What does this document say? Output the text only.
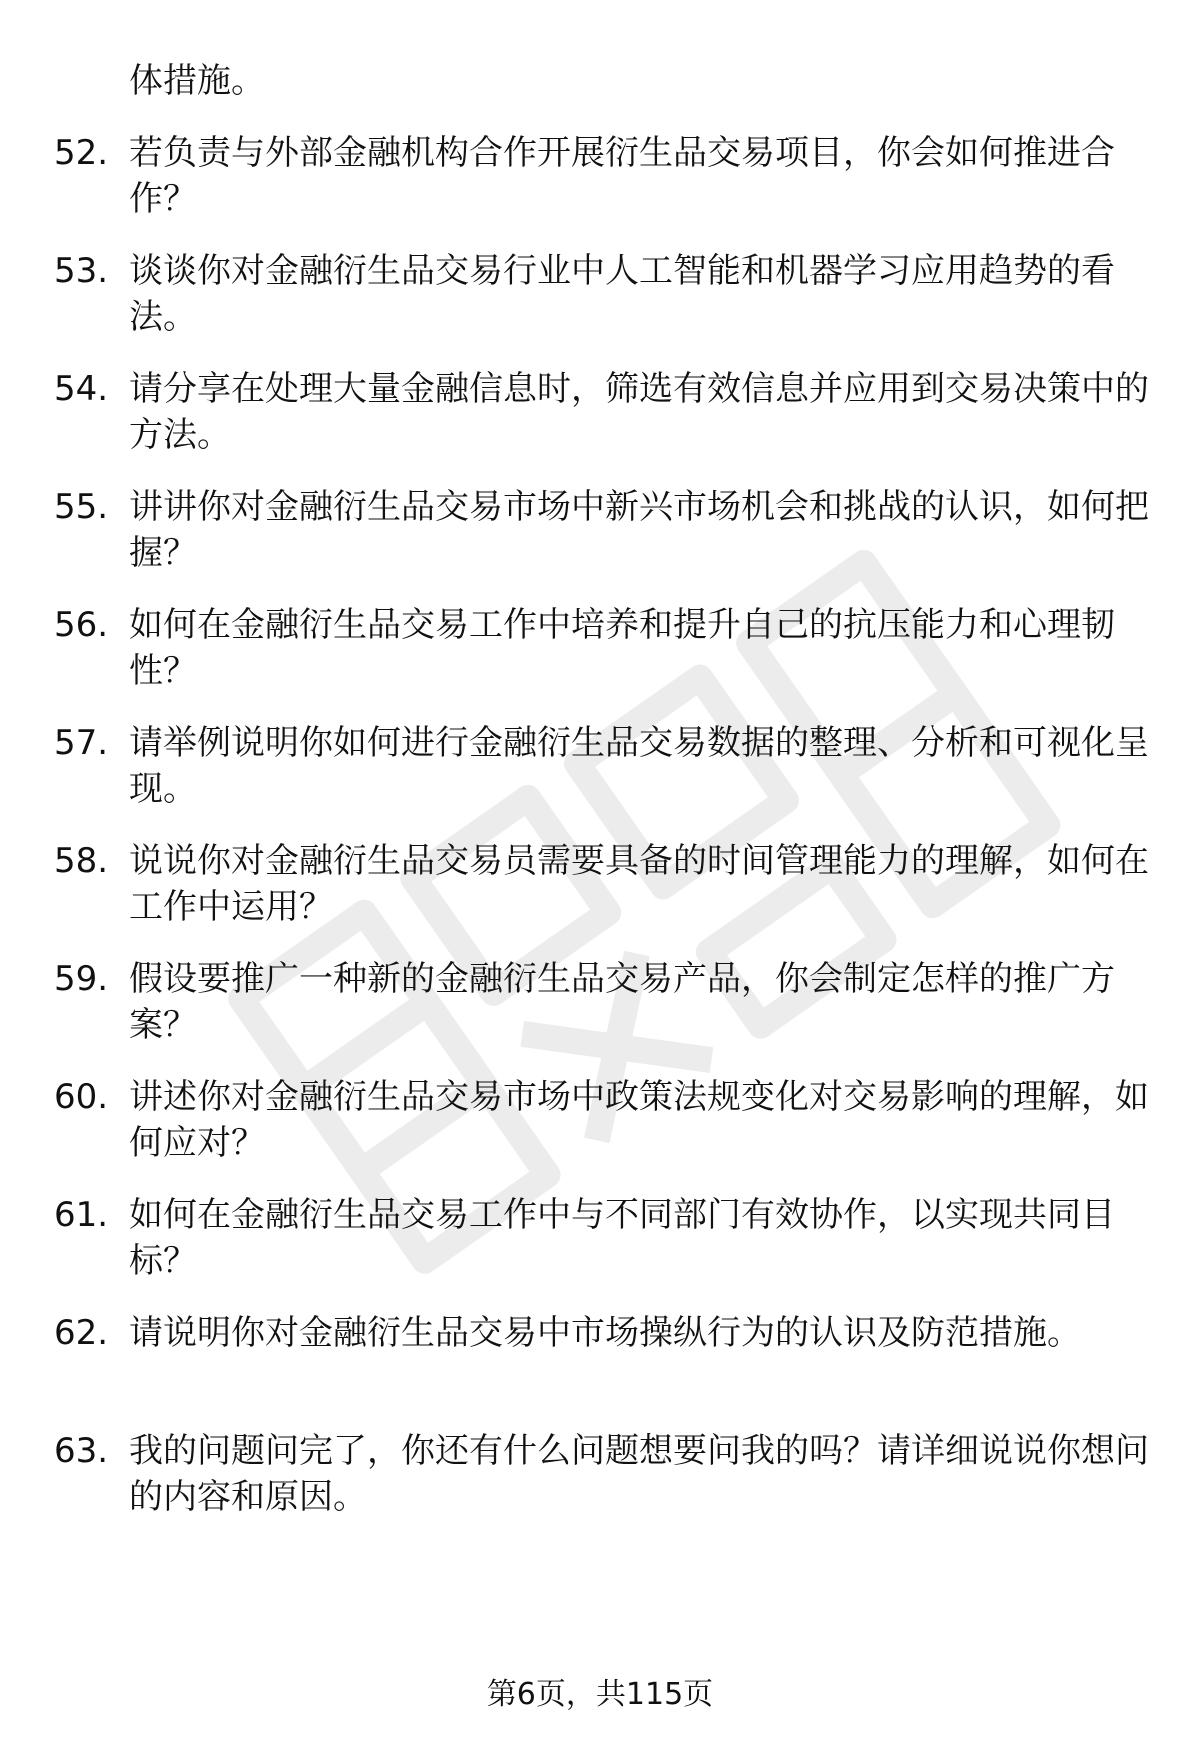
体措施。
52. 若负责与外部金融机构合作开展衍生品交易项目，你会如何推进合作？
53. 谈谈你对金融衍生品交易行业中人工智能和机器学习应用趋势的看法。
54. 请分享在处理大量金融信息时，筛选有效信息并应用到交易决策中的方法。
55. 讲讲你对金融衍生品交易市场中新兴市场机会和挑战的认识，如何把握？
56. 如何在金融衍生品交易工作中培养和提升自己的抗压能力和心理韧性？
57. 请举例说明你如何进行金融衍生品交易数据的整理、分析和可视化呈现。
58. 说说你对金融衍生品交易员需要具备的时间管理能力的理解，如何在工作中运用？
59. 假设要推广一种新的金融衍生品交易产品，你会制定怎样的推广方案？
60. 讲述你对金融衍生品交易市场中政策法规变化对交易影响的理解，如何应对？
61. 如何在金融衍生品交易工作中与不同部门有效协作，以实现共同目标？
62. 请说明你对金融衍生品交易中市场操纵行为的认识及防范措施。
63. 我的问题问完了，你还有什么问题想要问我的吗？请详细说说你想问的内容和原因。
第6页，共115页
